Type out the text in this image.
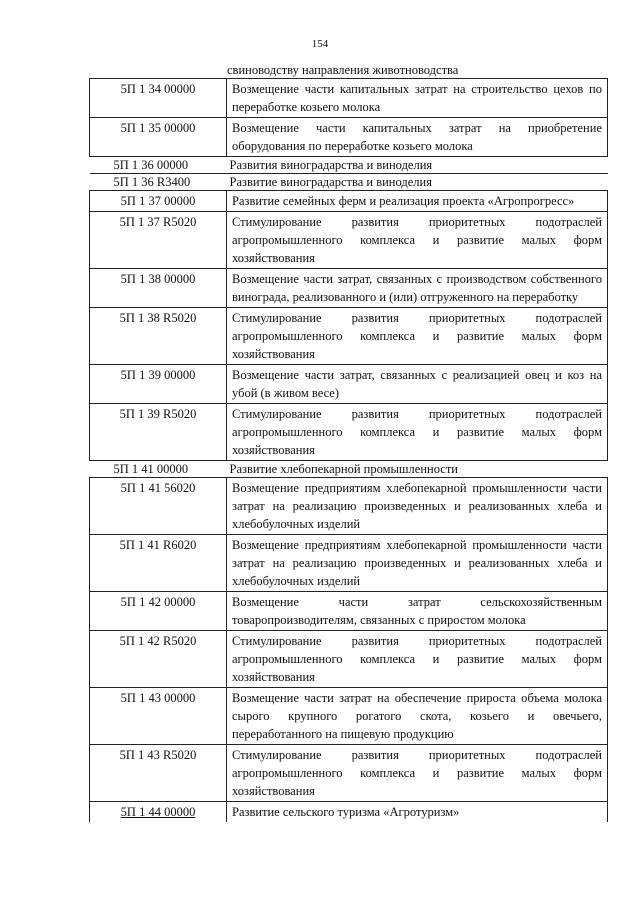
154
свиноводству направления животноводства
5П 1 34 00000	Возмещение части капитальных затрат на строительство цехов по переработке козьего молока
5П 1 35 00000	Возмещение части капитальных затрат на приобретение оборудования по переработке козьего молока
5П 1 36 00000	Развития виноградарства и виноделия
5П 1 36 R3400	Развитие виноградарства и виноделия
5П 1 37 00000	Развитие семейных ферм и реализация проекта «Агропрогресс»
5П 1 37 R5020	Стимулирование развития приоритетных подотраслей агропромышленного комплекса и развитие малых форм хозяйствования
5П 1 38 00000	Возмещение части затрат, связанных с производством собственного винограда, реализованного и (или) отгруженного на переработку
5П 1 38 R5020	Стимулирование развития приоритетных подотраслей агропромышленного комплекса и развитие малых форм хозяйствования
5П 1 39 00000	Возмещение части затрат, связанных с реализацией овец и коз на убой (в живом весе)
5П 1 39 R5020	Стимулирование развития приоритетных подотраслей агропромышленного комплекса и развитие малых форм хозяйствования
5П 1 41 00000	Развитие хлебопекарной промышленности
5П 1 41 56020	Возмещение предприятиям хлебопекарной промышленности части затрат на реализацию произведенных и реализованных хлеба и хлебобулочных изделий
5П 1 41 R6020	Возмещение предприятиям хлебопекарной промышленности части затрат на реализацию произведенных и реализованных хлеба и хлебобулочных изделий
5П 1 42 00000	Возмещение части затрат сельскохозяйственным товаропроизводителям, связанных с приростом молока
5П 1 42 R5020	Стимулирование развития приоритетных подотраслей агропромышленного комплекса и развитие малых форм хозяйствования
5П 1 43 00000	Возмещение части затрат на обеспечение прироста объема молока сырого крупного рогатого скота, козьего и овечьего, переработанного на пищевую продукцию
5П 1 43 R5020	Стимулирование развития приоритетных подотраслей агропромышленного комплекса и развитие малых форм хозяйствования
5П 1 44 00000	Развитие сельского туризма «Агротуризм»
